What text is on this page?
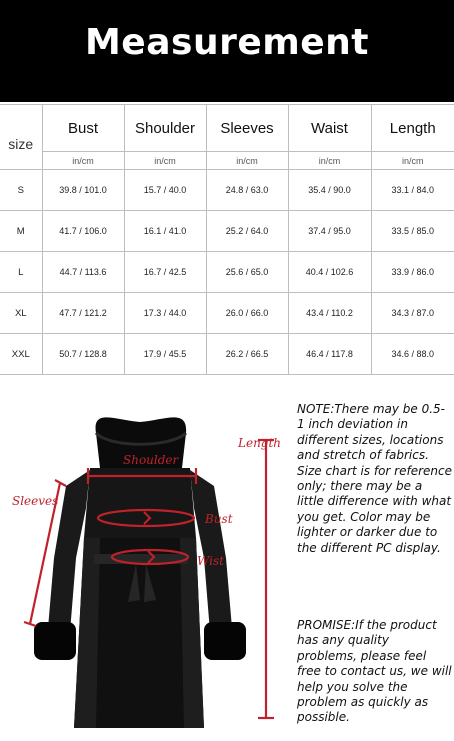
Measurement
size	Bust	Shoulder	Sleeves	Waist	Length
	in/cm	in/cm	in/cm	in/cm	in/cm
S	39.8 / 101.0	15.7 / 40.0	24.8 / 63.0	35.4 / 90.0	33.1 / 84.0
M	41.7 / 106.0	16.1 / 41.0	25.2 / 64.0	37.4 / 95.0	33.5 / 85.0
L	44.7 / 113.6	16.7 / 42.5	25.6 / 65.0	40.4 / 102.6	33.9 / 86.0
XL	47.7 / 121.2	17.3 / 44.0	26.0 / 66.0	43.4 / 110.2	34.3 / 87.0
XXL	50.7 / 128.8	17.9 / 45.5	26.2 / 66.5	46.4 / 117.8	34.6 / 88.0
Shoulder
Bust
Wist
Sleeves
Length
NOTE:There may be 0.5-1 inch deviation in different sizes, locations and stretch of fabrics. Size chart is for reference only; there may be a little difference with what you get. Color may be lighter or darker due to the different PC display.
PROMISE:If the product has any quality problems, please feel free to contact us, we will help you solve the problem as quickly as possible.
